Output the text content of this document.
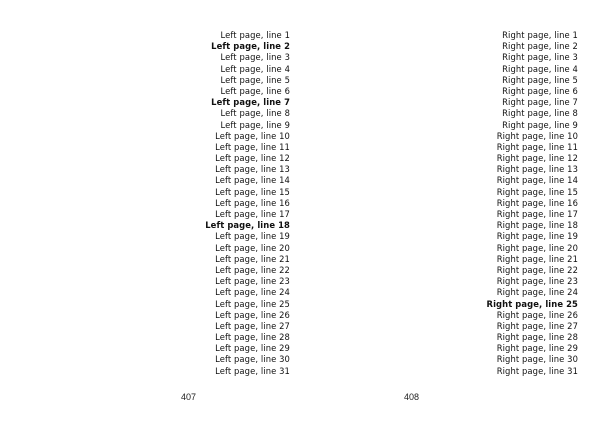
Left page, line 1
Left page, line 2
Left page, line 3
Left page, line 4
Left page, line 5
Left page, line 6
Left page, line 7
Left page, line 8
Left page, line 9
Left page, line 10
Left page, line 11
Left page, line 12
Left page, line 13
Left page, line 14
Left page, line 15
Left page, line 16
Left page, line 17
Left page, line 18
Left page, line 19
Left page, line 20
Left page, line 21
Left page, line 22
Left page, line 23
Left page, line 24
Left page, line 25
Left page, line 26
Left page, line 27
Left page, line 28
Left page, line 29
Left page, line 30
Left page, line 31
Right page, line 1
Right page, line 2
Right page, line 3
Right page, line 4
Right page, line 5
Right page, line 6
Right page, line 7
Right page, line 8
Right page, line 9
Right page, line 10
Right page, line 11
Right page, line 12
Right page, line 13
Right page, line 14
Right page, line 15
Right page, line 16
Right page, line 17
Right page, line 18
Right page, line 19
Right page, line 20
Right page, line 21
Right page, line 22
Right page, line 23
Right page, line 24
Right page, line 25
Right page, line 26
Right page, line 27
Right page, line 28
Right page, line 29
Right page, line 30
Right page, line 31
407	408
